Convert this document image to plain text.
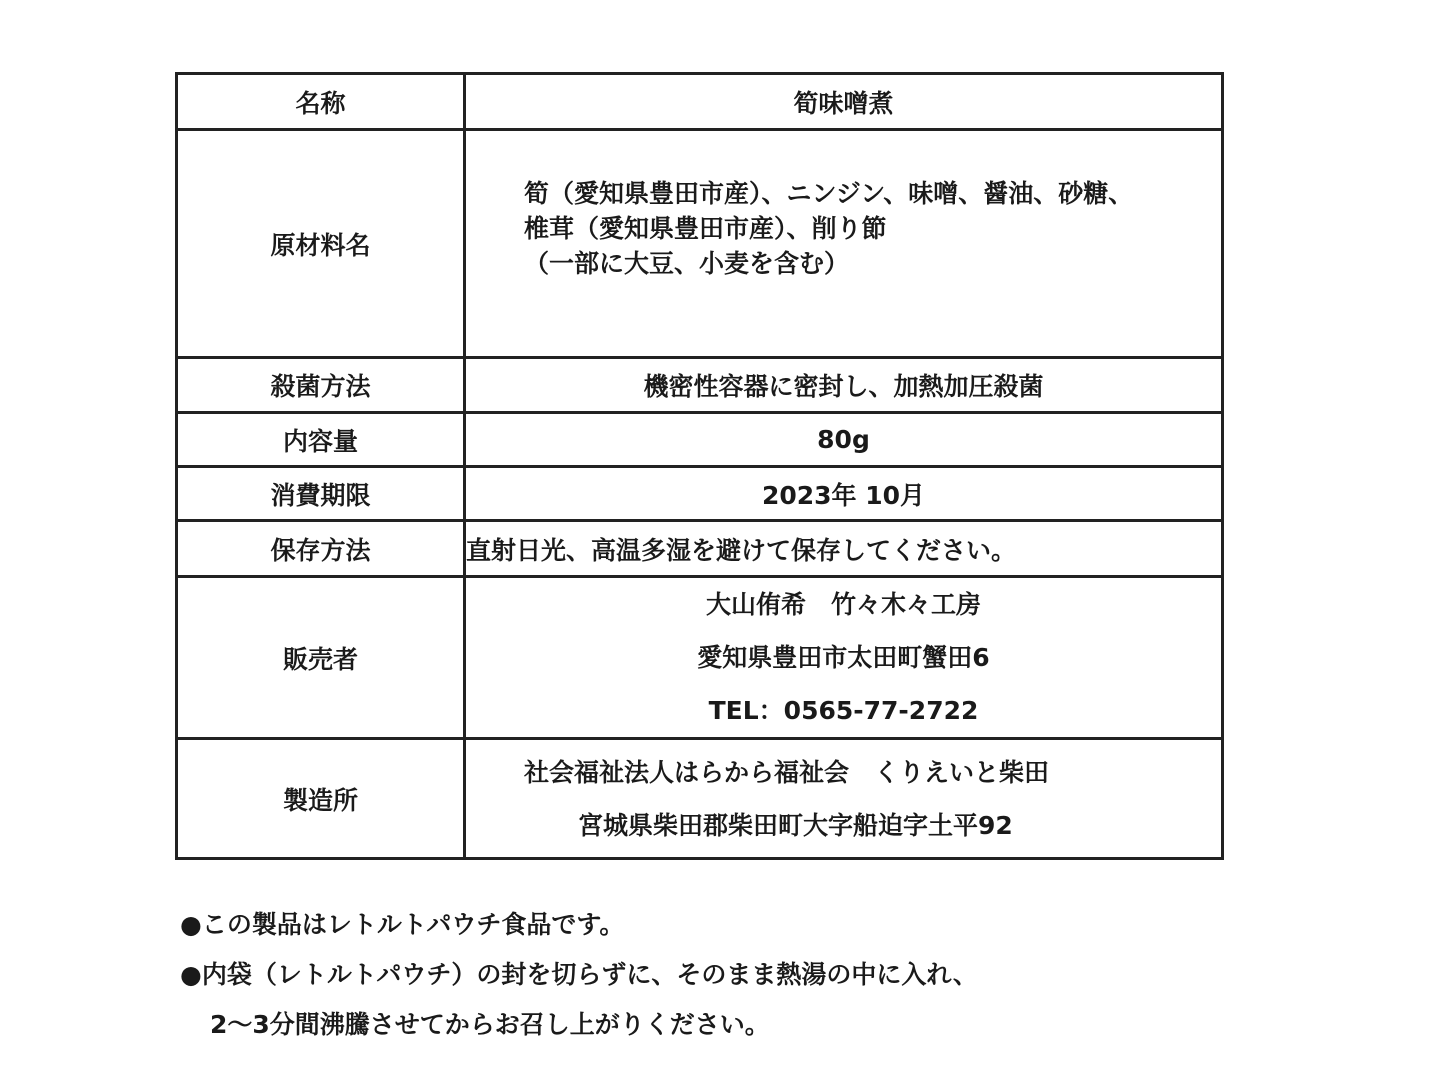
名称	筍味噌煮
原材料名	筍（愛知県豊田市産）、ニンジン、味噌、醤油、砂糖、
椎茸（愛知県豊田市産）、削り節
（一部に大豆、小麦を含む）

殺菌方法	機密性容器に密封し、加熱加圧殺菌
内容量	80g
消費期限	2023年 10月
保存方法	直射日光、高温多湿を避けて保存してください。
販売者	大山侑希　竹々木々工房
愛知県豊田市太田町蟹田6
TEL：0565-77-2722

製造所	社会福祉法人はらから福祉会　くりえいと柴田
宮城県柴田郡柴田町大字船迫字土平92
●この製品はレトルトパウチ食品です。
●内袋（レトルトパウチ）の封を切らずに、そのまま熱湯の中に入れ、
2～3分間沸騰させてからお召し上がりください。
